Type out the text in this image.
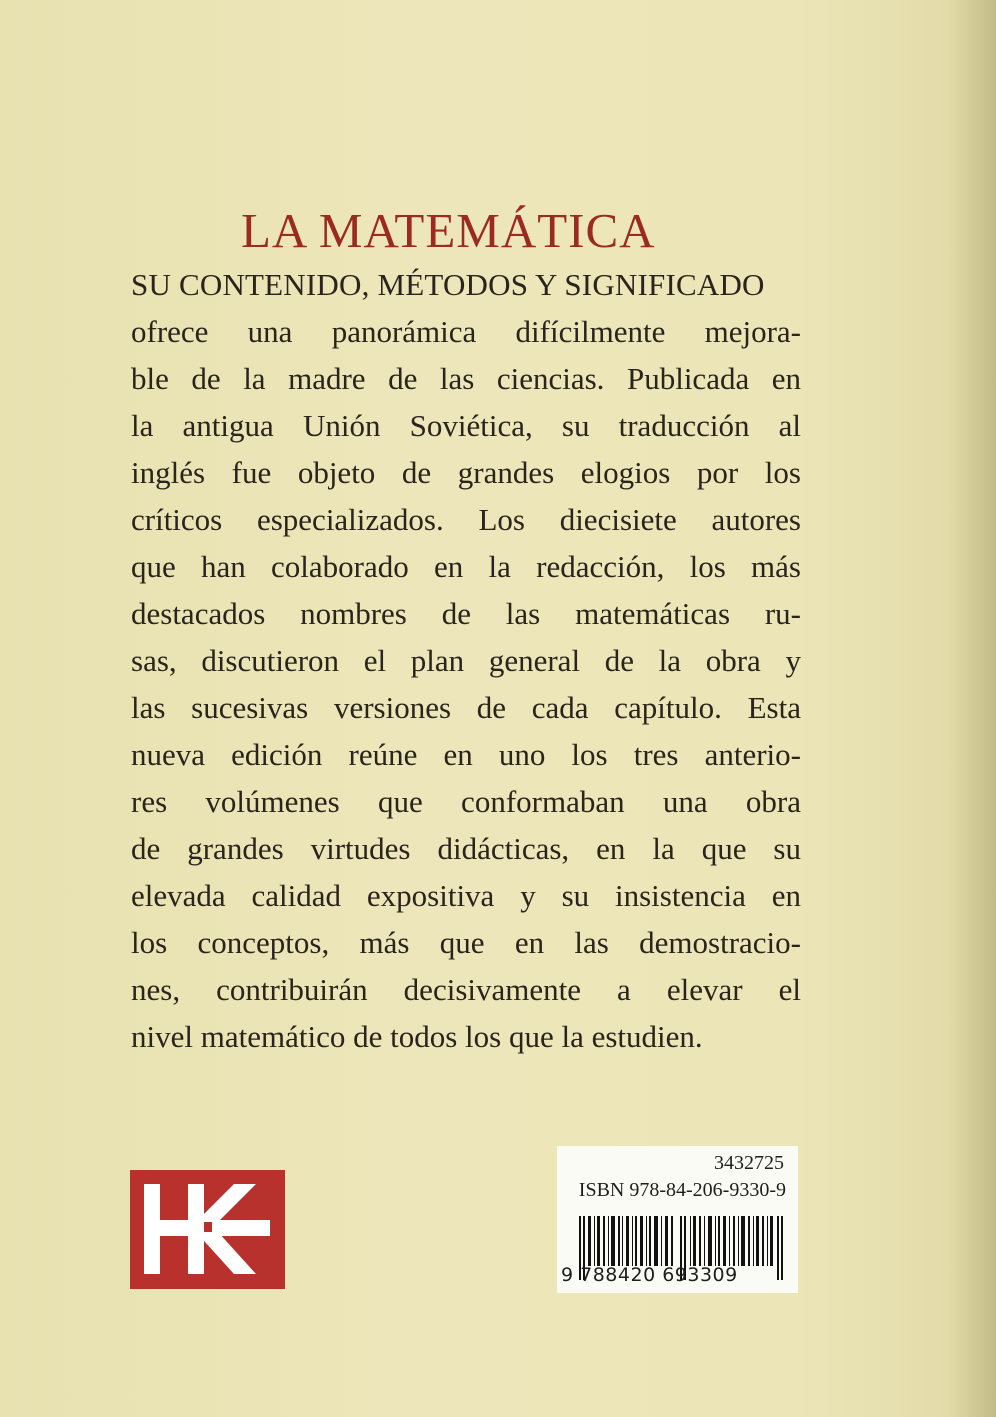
LA MATEMÁTICA
SU CONTENIDO, MÉTODOS Y SIGNIFICADO
ofrece una panorámica difícilmente mejora-
ble de la madre de las ciencias. Publicada en
la antigua Unión Soviética, su traducción al
inglés fue objeto de grandes elogios por los
críticos especializados. Los diecisiete autores
que han colaborado en la redacción, los más
destacados nombres de las matemáticas ru-
sas, discutieron el plan general de la obra y
las sucesivas versiones de cada capítulo. Esta
nueva edición reúne en uno los tres anterio-
res volúmenes que conformaban una obra
de grandes virtudes didácticas, en la que su
elevada calidad expositiva y su insistencia en
los conceptos, más que en las demostracio-
nes, contribuirán decisivamente a elevar el
nivel matemático de todos los que la estudien.
3432725
ISBN 978-84-206-9330-9
9 788420 693309
